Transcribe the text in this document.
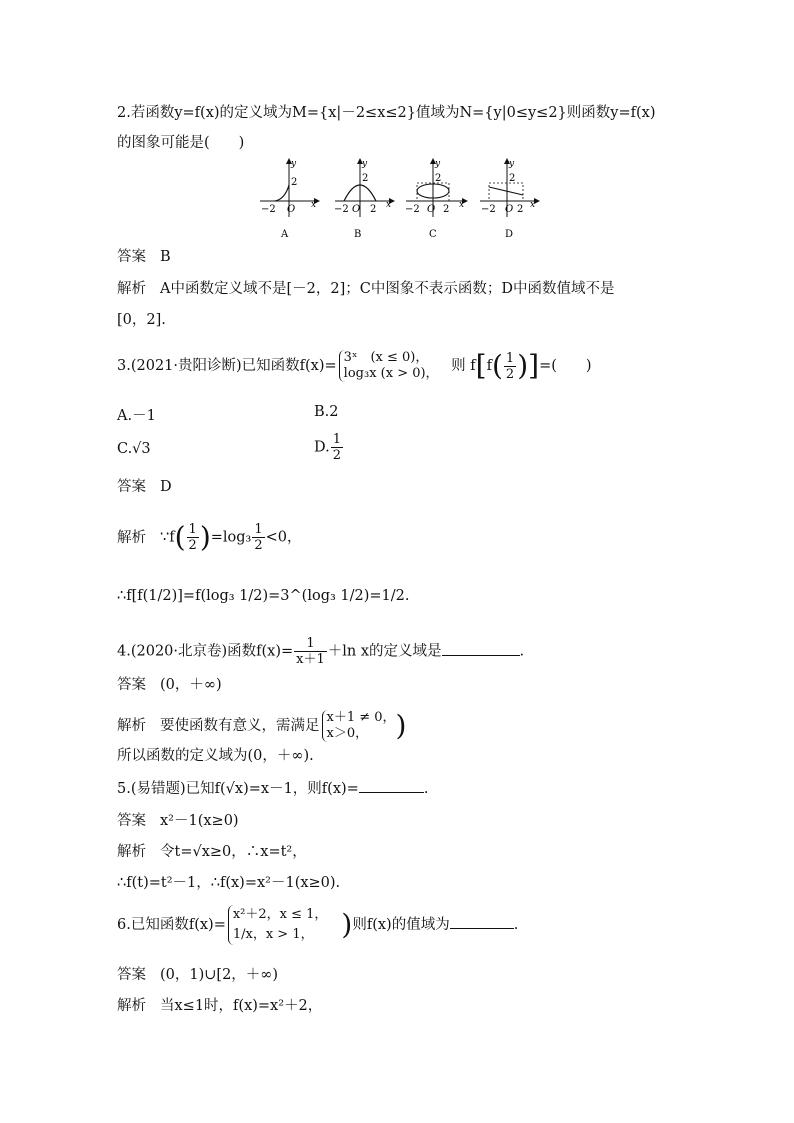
2.若函数y=f(x)的定义域为M={x|－2≤x≤2}值域为N={y|0≤y≤2}则函数y=f(x)
的图象可能是(　　)
y
2
−2 O x
A
y
2
−2 O 2 x
B
y
2
−2 O 2 x
C
y
2
−2 O 2 x
D
答案 B
解析 A中函数定义域不是[－2，2]；C中图象不表示函数；D中函数值域不是
[0，2].
3.(2021·贵阳诊断)已知函数f(x)=
3ˣ　(x ≤ 0)，
log₃x (x > 0)， 则 $f[f( \frac{1}{2}$ )]=(　　)
A.－1	B.2
C.√3	D. $\frac{1}{2}$
答案 D
解析 ∵f( $\frac{1}{2} )=\log_3 \frac{1}{2} <0$，
∴f[f(1/2)]=f(log₃ 1/2)=3^(log₃ 1/2)=1/2.
4.(2020·北京卷)函数$f(x)= \frac{1}{x+1} +\ln$ x的定义域是	.
答案 (0，＋∞)
解析 要使函数有意义，需满足
x＋1 ≠ 0，
x＞0， )
所以函数的定义域为(0，＋∞).
5.(易错题)已知f(√x)=x－1，则f(x)=	.
答案 x²－1(x≥0)
解析 令t=√x≥0，∴x=t²，
∴f(t)=t²－1，∴f(x)=x²－1(x≥0).
6.已知函数f(x)=
x²＋2，x ≤ 1，
1/x，x > 1， )则f(x)的值域为	.
答案 (0，1)∪[2，＋∞)
解析 当x≤1时，f(x)=x²＋2，
